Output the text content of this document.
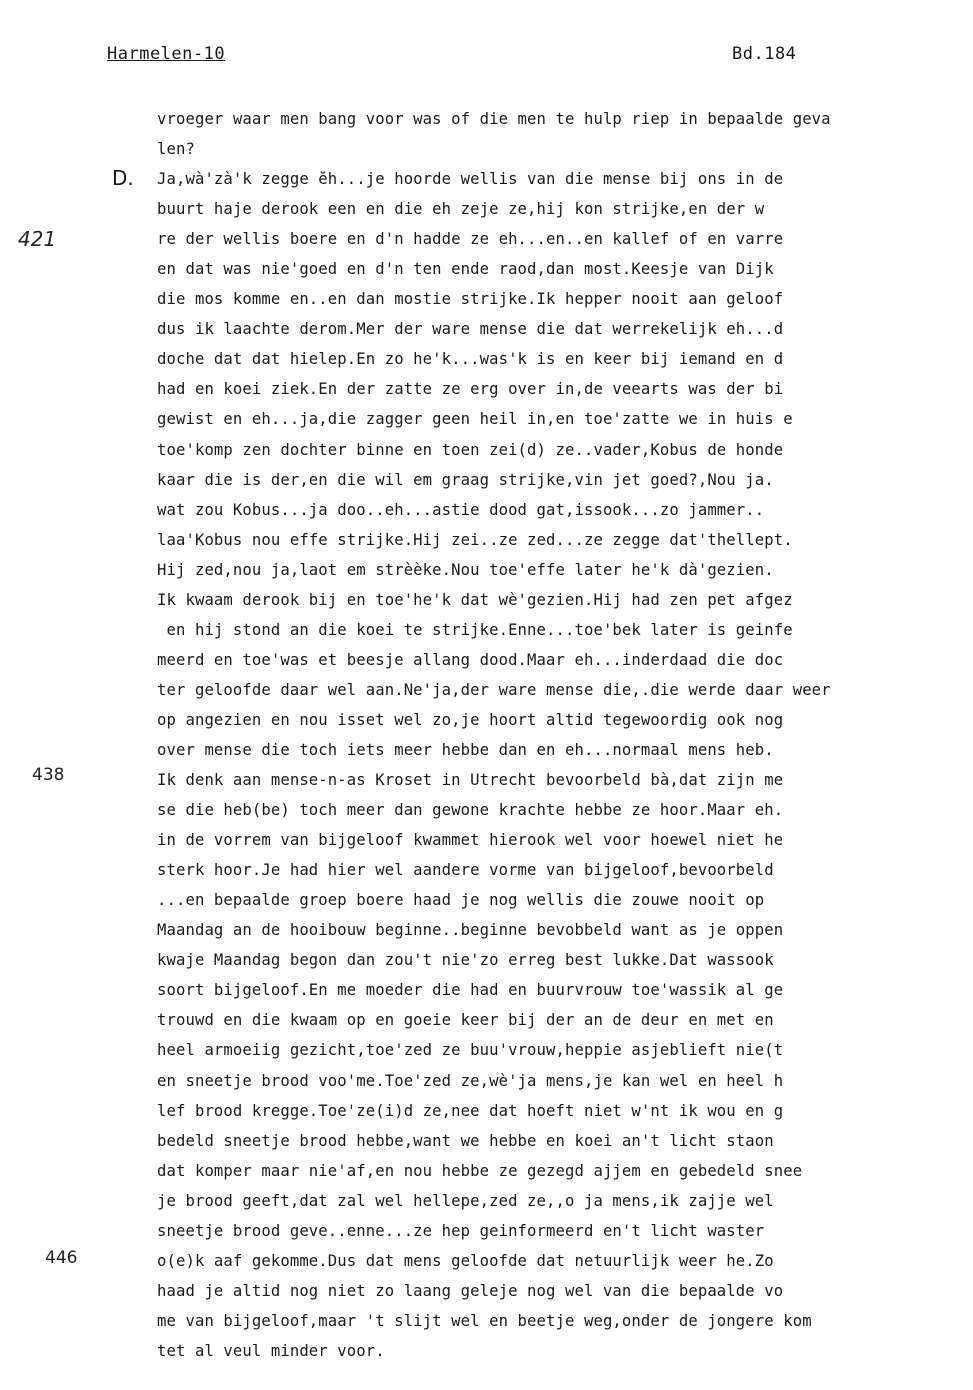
Harmelen-10	Bd.184
421
438
446
D.
vroeger waar men bang voor was of die men te hulp riep in bepaalde geva
len?
Ja,wà'zà'k zegge ĕh...je hoorde wellis van die mense bij ons in de
buurt haje derook een en die eh zeje ze,hij kon strijke,en der w
re der wellis boere en d'n hadde ze eh...en..en kallef of en varre
en dat was nie'goed en d'n ten ende raod,dan most.Keesje van Dijk
die mos komme en..en dan mostie strijke.Ik hepper nooit aan geloof
dus ik laachte derom.Mer der ware mense die dat werrekelijk eh...d
doche dat dat hielep.En zo he'k...was'k is en keer bij iemand en d
had en koei ziek.En der zatte ze erg over in,de veearts was der bi
gewist en eh...ja,die zagger geen heil in,en toe'zatte we in huis e
toe'komp zen dochter binne en toen zei(d) ze..vader,Kobus de honde
kaar die is der,en die wil em graag strijke,vin jet goed?,Nou ja.
wat zou Kobus...ja doo..eh...astie dood gat,issook...zo jammer..
laa'Kobus nou effe strijke.Hij zei..ze zed...ze zegge dat'thellept.
Hij zed,nou ja,laot em strèèke.Nou toe'effe later he'k dà'gezien.
Ik kwaam derook bij en toe'he'k dat wè'gezien.Hij had zen pet afgez
en hij stond an die koei te strijke.Enne...toe'bek later is geinfe
meerd en toe'was et beesje allang dood.Maar eh...inderdaad die doc
ter geloofde daar wel aan.Ne'ja,der ware mense die,.die werde daar weer
op angezien en nou isset wel zo,je hoort altid tegewoordig ook nog
over mense die toch iets meer hebbe dan en eh...normaal mens heb.
Ik denk aan mense-n-as Kroset in Utrecht bevoorbeld bà,dat zijn me
se die heb(be) toch meer dan gewone krachte hebbe ze hoor.Maar eh.
in de vorrem van bijgeloof kwammet hierook wel voor hoewel niet he
sterk hoor.Je had hier wel aandere vorme van bijgeloof,bevoorbeld
...en bepaalde groep boere haad je nog wellis die zouwe nooit op
Maandag an de hooibouw beginne..beginne bevobbeld want as je oppen
kwaje Maandag begon dan zou't nie'zo erreg best lukke.Dat wassook
soort bijgeloof.En me moeder die had en buurvrouw toe'wassik al ge
trouwd en die kwaam op en goeie keer bij der an de deur en met en
heel armoeiig gezicht,toe'zed ze buu'vrouw,heppie asjeblieft nie(t
en sneetje brood voo'me.Toe'zed ze,wè'ja mens,je kan wel en heel h
lef brood kregge.Toe'ze(i)d ze,nee dat hoeft niet w'nt ik wou en g
bedeld sneetje brood hebbe,want we hebbe en koei an't licht staon
dat komper maar nie'af,en nou hebbe ze gezegd ajjem en gebedeld snee
je brood geeft,dat zal wel hellepe,zed ze,,o ja mens,ik zajje wel
sneetje brood geve..enne...ze hep geinformeerd en't licht waster
o(e)k aaf gekomme.Dus dat mens geloofde dat netuurlijk weer he.Zo
haad je altid nog niet zo laang geleje nog wel van die bepaalde vo
me van bijgeloof,maar 't slijt wel en beetje weg,onder de jongere kom
tet al veul minder voor.
